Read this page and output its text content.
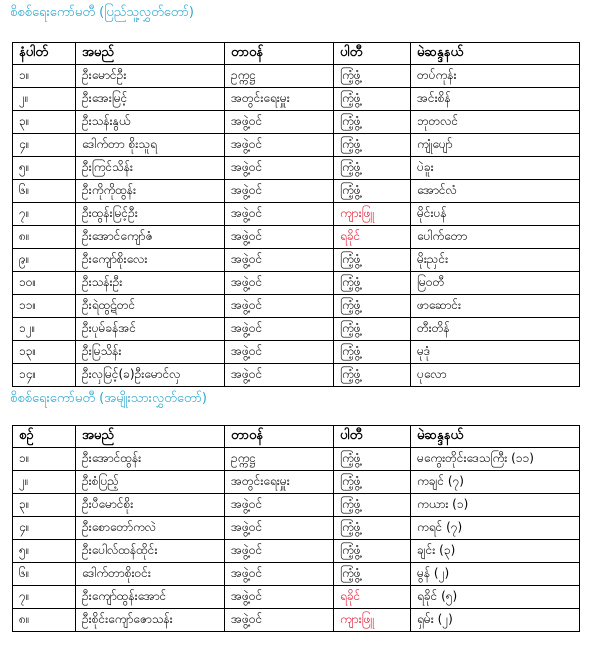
စိစစ်ရေးကော်မတီ (ပြည်သူ့လွှတ်တော်)
နံပါတ်	အမည်	တာဝန်	ပါတီ	မဲဆန္ဒနယ်
၁။	ဦးမောင်ဦး	ဥက္ကဋ္ဌ	ကြံ့ဖွံ့	တပ်ကုန်း
၂။	ဦးအေးမြင့်	အတွင်းရေးမှူး	ကြံ့ဖွံ့	အင်းစိန်
၃။	ဦးသန်းနွယ်	အဖွဲ့ဝင်	ကြံ့ဖွံ့	ဘုတလင်
၄။	ဒေါက်တာ စိုးသူရ	အဖွဲ့ဝင်	ကြံ့ဖွံ့	ကျုံပျော်
၅။	ဦးကြင်သိန်း	အဖွဲ့ဝင်	ကြံ့ဖွံ့	ပဲခူး
၆။	ဦးကိုကိုထွန်း	အဖွဲ့ဝင်	ကြံ့ဖွံ့	အောင်လံ
၇။	ဦးထွန်းမြင့်ဦး	အဖွဲ့ဝင်	ကျားဖြူ	မိုင်းပန်
၈။	ဦးအောင်ကျော်ဇံ	အဖွဲ့ဝင်	ရခိုင်	ပေါက်တော
၉။	ဦးကျော်စိုးလေး	အဖွဲ့ဝင်	ကြံ့ဖွံ့	မိုးညှင်း
၁၀။	ဦးသန်းဦး	အဖွဲ့ဝင်	ကြံ့ဖွံ့	မြဝတီ
၁၁။	ဦးရဲထွဋ်တင်	အဖွဲ့ဝင်	ကြံ့ဖွံ့	ဖာဆောင်း
၁၂။	ဦးပုမ်ခန်အင်	အဖွဲ့ဝင်	ကြံ့ဖွံ့	တီးတိန်
၁၃။	ဦးမြသိန်း	အဖွဲ့ဝင်	ကြံ့ဖွံ့	မုဒုံ
၁၄။	ဦးလှမြင့်(ခ)ဦးမောင်လှ	အဖွဲ့ဝင်	ကြံ့ဖွံ့	ပုလော
စိစစ်ရေးကော်မတီ (အမျိုးသားလွှတ်တော်)
စဉ်	အမည်	တာဝန်	ပါတီ	မဲဆန္ဒနယ်
၁။	ဦးအောင်ထွန်း	ဥက္ကဋ္ဌ	ကြံ့ဖွံ့	မကွေးတိုင်းဒေသကြီး (၁၁)
၂။	ဦးစံပြည့်	အတွင်းရေးမှူး	ကြံ့ဖွံ့	ကချင် (၇)
၃။	ဦးပီမောင်စိုး	အဖွဲ့ဝင်	ကြံ့ဖွံ့	ကယား (၁)
၄။	ဦးစောတော်ကလဲ	အဖွဲ့ဝင်	ကြံ့ဖွံ့	ကရင် (၇)
၅။	ဦးပေါလ်ထန်ထိုင်း	အဖွဲ့ဝင်	ကြံ့ဖွံ့	ချင်း (၃)
၆။	ဒေါက်တာစိုးဝင်း	အဖွဲ့ဝင်	ကြံ့ဖွံ့	မွန် (၂)
၇။	ဦးကျော်ထွန်းအောင်	အဖွဲ့ဝင်	ရခိုင်	ရခိုင် (၅)
၈။	ဦးစိုင်းကျော်ဇောသန်း	အဖွဲ့ဝင်	ကျားဖြူ	ရှမ်း (၂)
